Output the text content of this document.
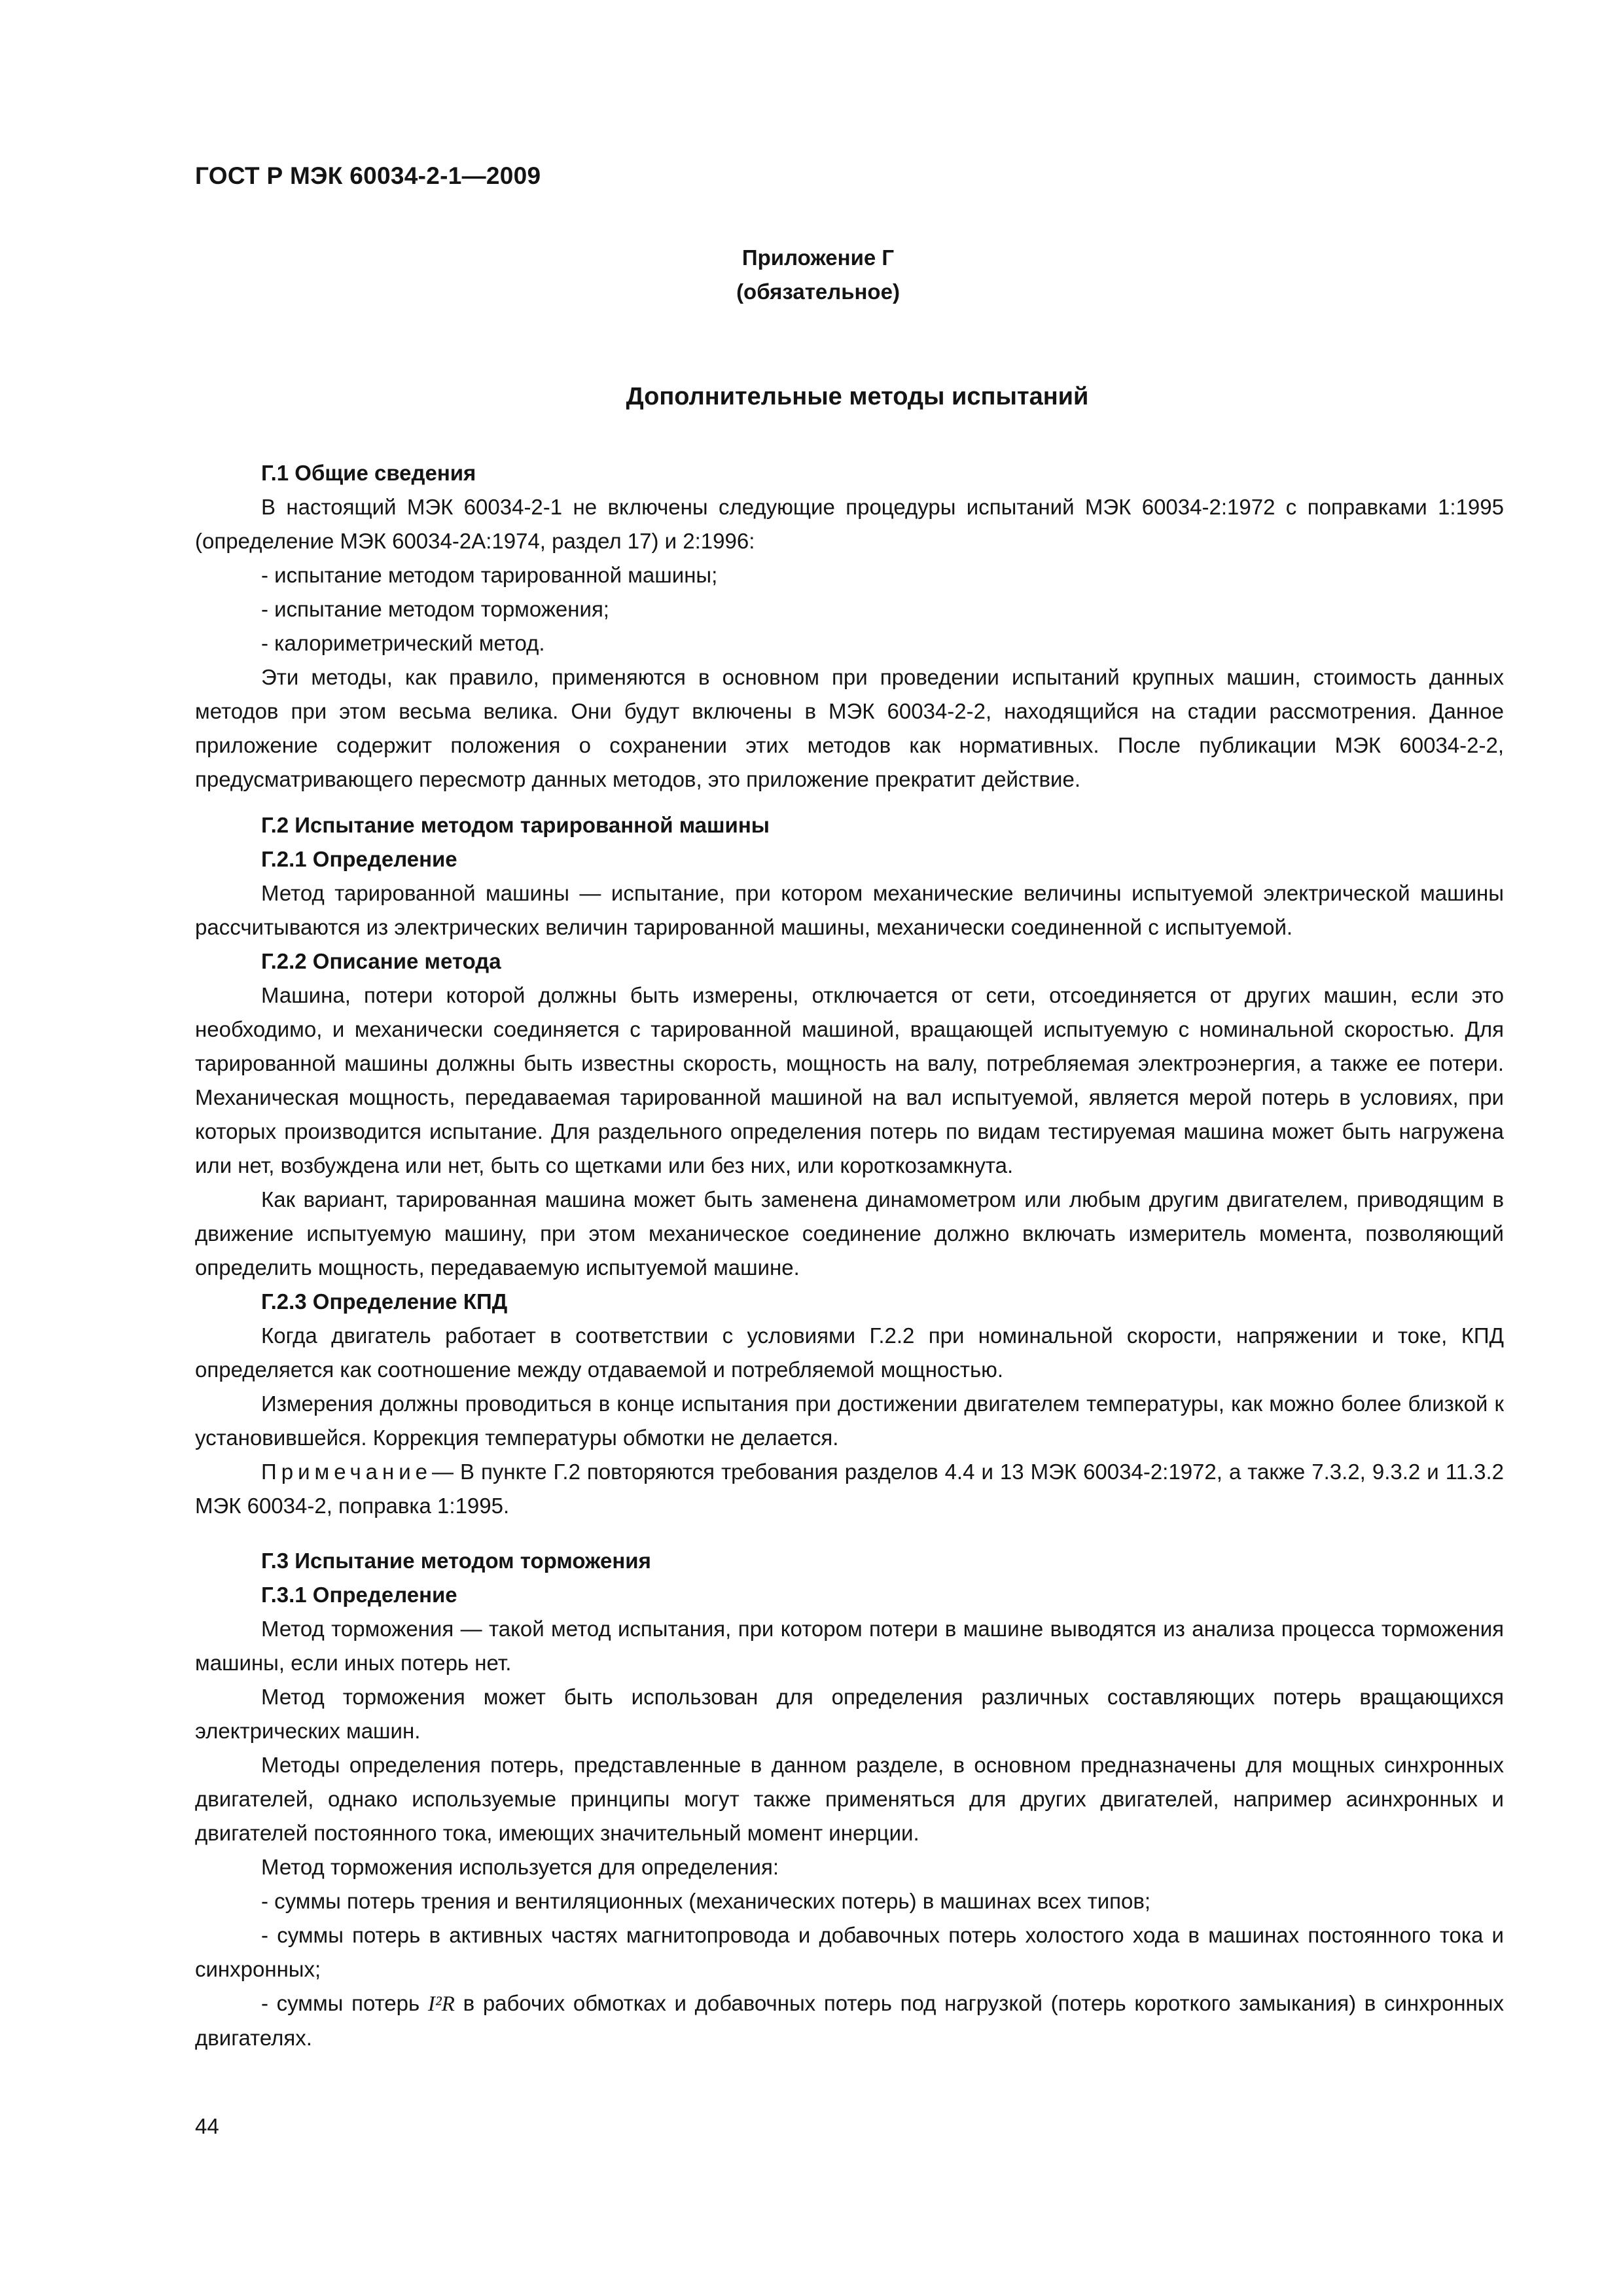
ГОСТ Р МЭК 60034-2-1—2009
Приложение Г
(обязательное)
Дополнительные методы испытаний

Г.1 Общие сведения

В настоящий МЭК 60034-2-1 не включены следующие процедуры испытаний МЭК 60034-2:1972 с поправками 1:1995 (определение МЭК 60034-2А:1974, раздел 17) и 2:1996:

- испытание методом тарированной машины;

- испытание методом торможения;

- калориметрический метод.

Эти методы, как правило, применяются в основном при проведении испытаний крупных машин, стоимость данных методов при этом весьма велика. Они будут включены в МЭК 60034-2-2, находящийся на стадии рассмотрения. Данное приложение содержит положения о сохранении этих методов как нормативных. После публикации МЭК 60034-2-2, предусматривающего пересмотр данных методов, это приложение прекратит действие.

Г.2 Испытание методом тарированной машины

Г.2.1 Определение

Метод тарированной машины — испытание, при котором механические величины испытуемой электрической машины рассчитываются из электрических величин тарированной машины, механически соединенной с испытуемой.

Г.2.2 Описание метода

Машина, потери которой должны быть измерены, отключается от сети, отсоединяется от других машин, если это необходимо, и механически соединяется с тарированной машиной, вращающей испытуемую с номинальной скоростью. Для тарированной машины должны быть известны скорость, мощность на валу, потребляемая электроэнергия, а также ее потери. Механическая мощность, передаваемая тарированной машиной на вал испытуемой, является мерой потерь в условиях, при которых производится испытание. Для раздельного определения потерь по видам тестируемая машина может быть нагружена или нет, возбуждена или нет, быть со щетками или без них, или короткозамкнута.

Как вариант, тарированная машина может быть заменена динамометром или любым другим двигателем, приводящим в движение испытуемую машину, при этом механическое соединение должно включать измеритель момента, позволяющий определить мощность, передаваемую испытуемой машине.

Г.2.3 Определение КПД

Когда двигатель работает в соответствии с условиями Г.2.2 при номинальной скорости, напряжении и токе, КПД определяется как соотношение между отдаваемой и потребляемой мощностью.

Измерения должны проводиться в конце испытания при достижении двигателем температуры, как можно более близкой к установившейся. Коррекция температуры обмотки не делается.

Примечание— В пункте Г.2 повторяются требования разделов 4.4 и 13 МЭК 60034-2:1972, а также 7.3.2, 9.3.2 и 11.3.2 МЭК 60034-2, поправка 1:1995.

Г.3 Испытание методом торможения

Г.3.1 Определение

Метод торможения — такой метод испытания, при котором потери в машине выводятся из анализа процесса торможения машины, если иных потерь нет.

Метод торможения может быть использован для определения различных составляющих потерь вращающихся электрических машин.

Методы определения потерь, представленные в данном разделе, в основном предназначены для мощных синхронных двигателей, однако используемые принципы могут также применяться для других двигателей, например асинхронных и двигателей постоянного тока, имеющих значительный момент инерции.

Метод торможения используется для определения:

- суммы потерь трения и вентиляционных (механических потерь) в машинах всех типов;

- суммы потерь в активных частях магнитопровода и добавочных потерь холостого хода в машинах постоянного тока и синхронных;

- суммы потерь I²R в рабочих обмотках и добавочных потерь под нагрузкой (потерь короткого замыкания) в синхронных двигателях.

44
